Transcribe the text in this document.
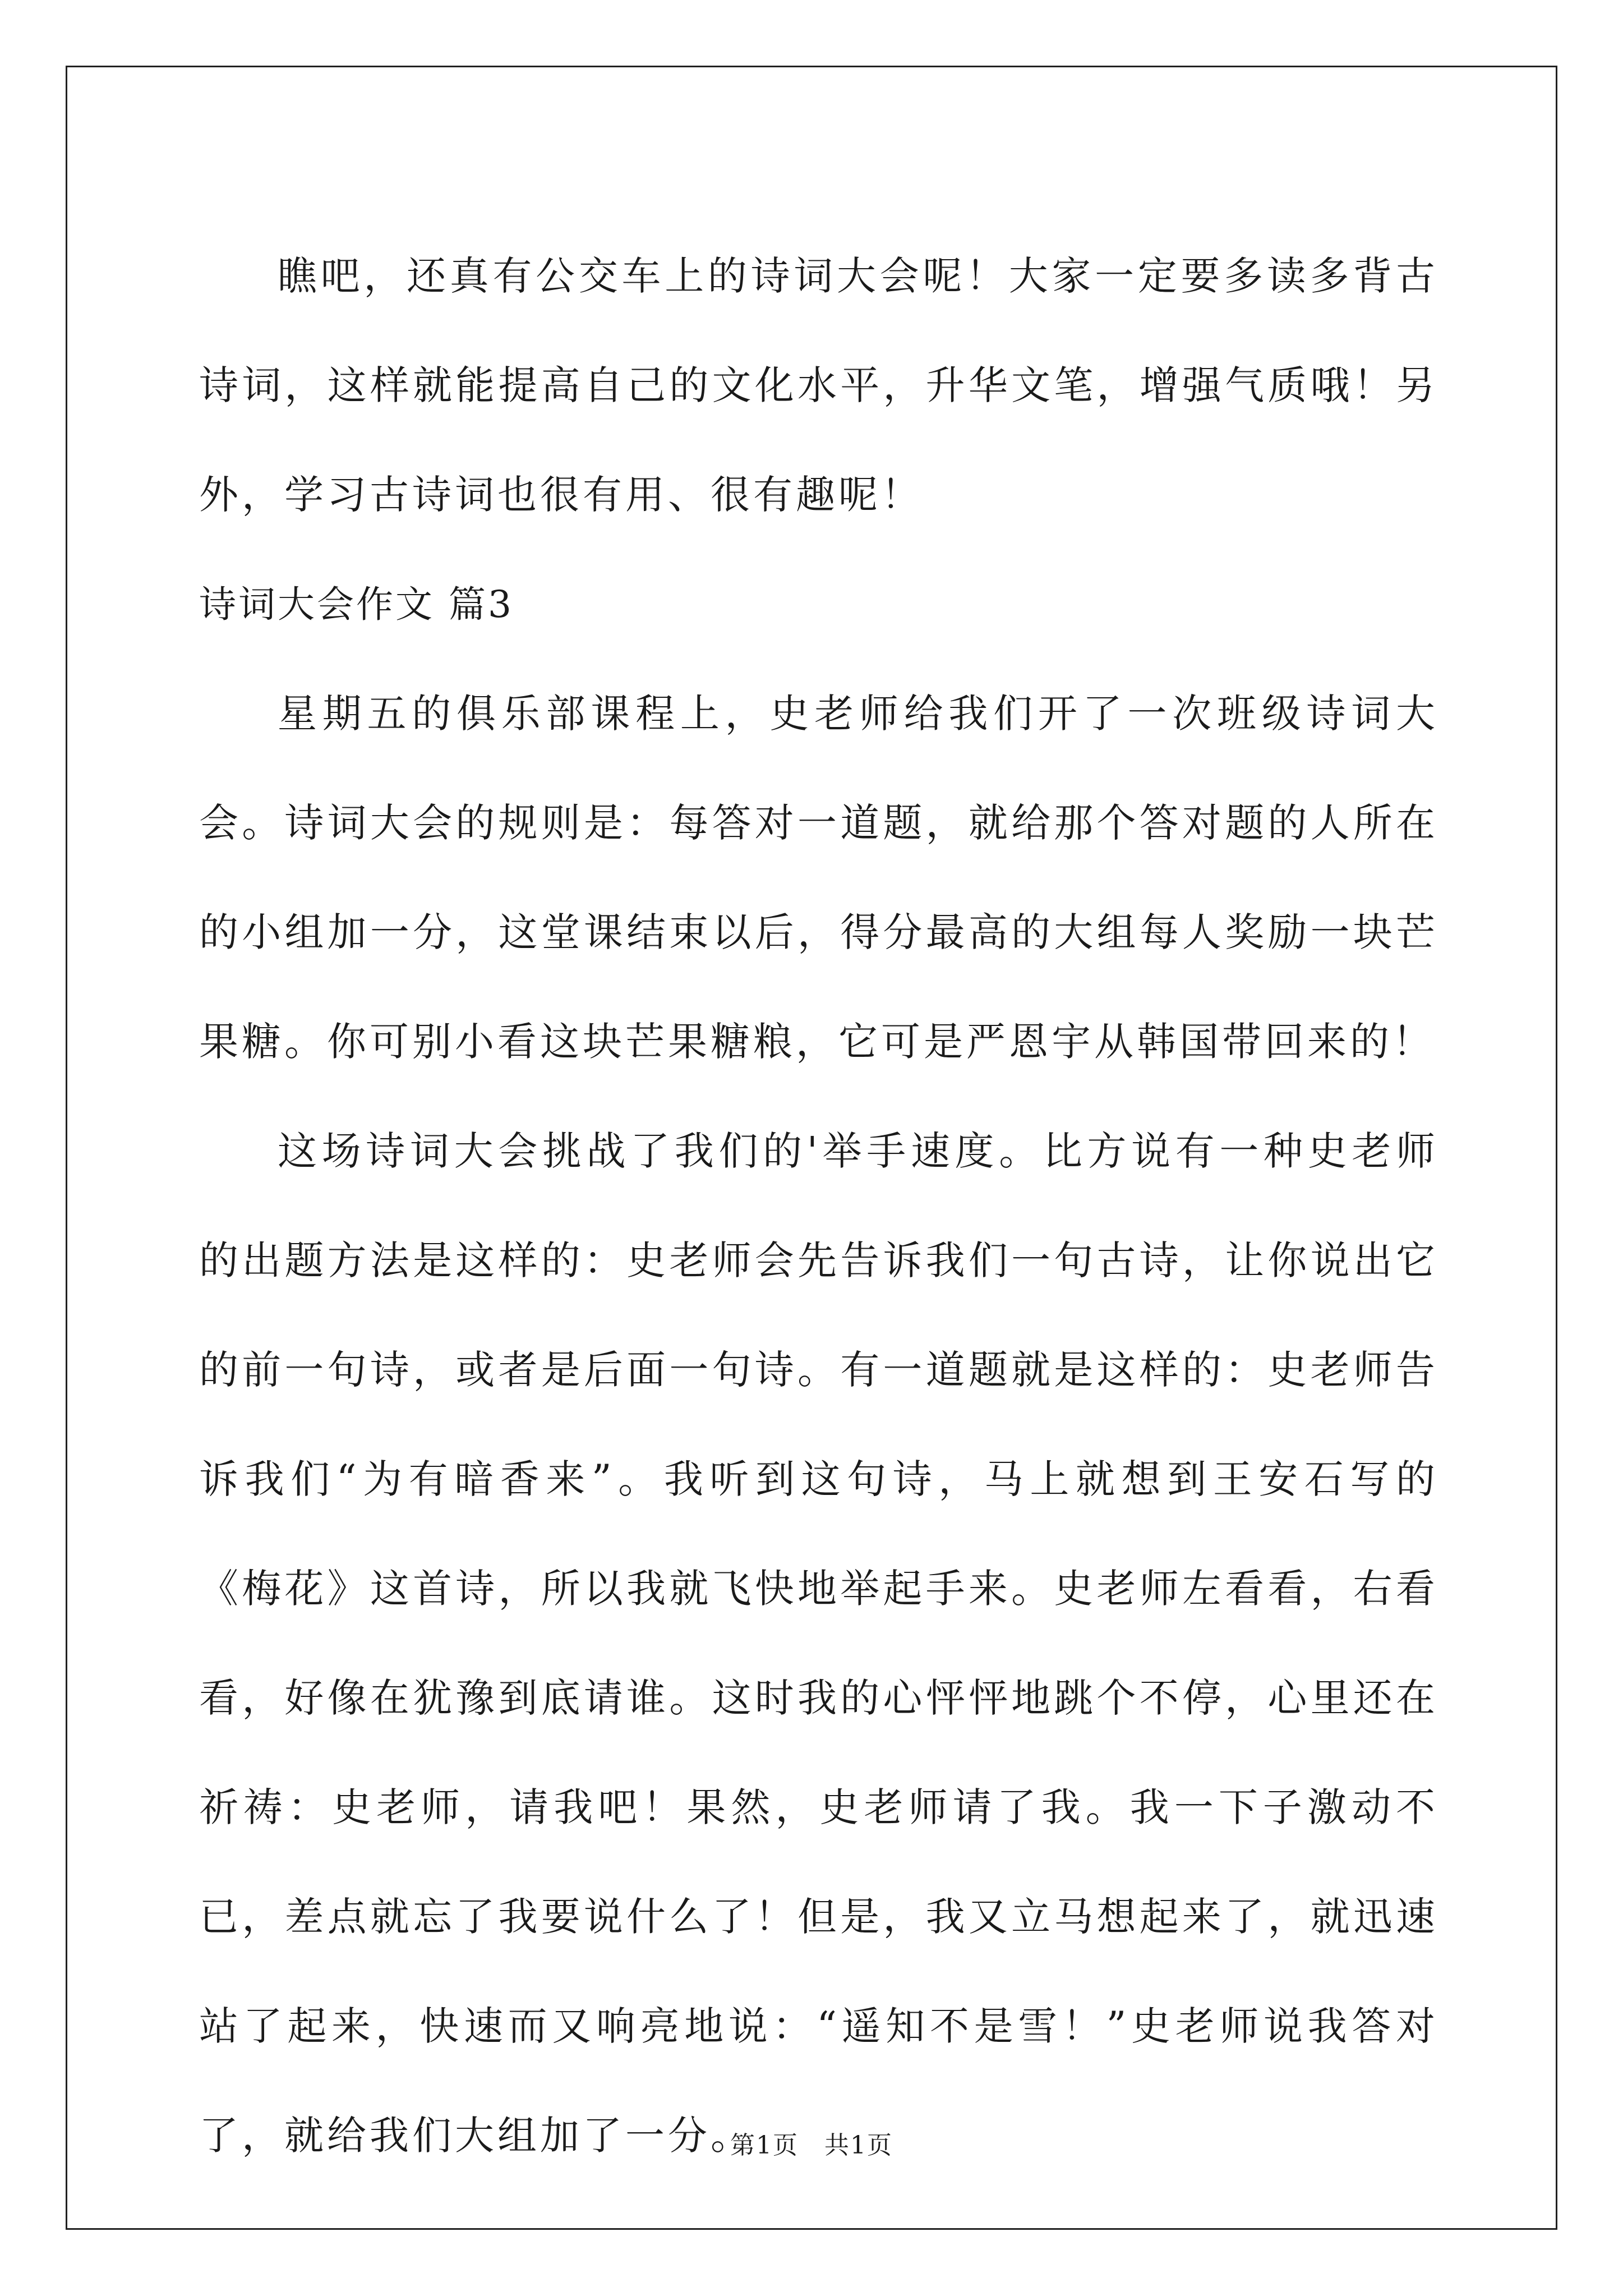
瞧吧，还真有公交车上的诗词大会呢！大家一定要多读多背古诗词，这样就能提高自己的文化水平，升华文笔，增强气质哦！另外，学习古诗词也很有用、很有趣呢！

诗词大会作文 篇3

星期五的俱乐部课程上，史老师给我们开了一次班级诗词大会。诗词大会的规则是：每答对一道题，就给那个答对题的人所在的小组加一分，这堂课结束以后，得分最高的大组每人奖励一块芒果糖。你可别小看这块芒果糖粮，它可是严恩宇从韩国带回来的！

这场诗词大会挑战了我们的'举手速度。比方说有一种史老师的出题方法是这样的：史老师会先告诉我们一句古诗，让你说出它的前一句诗，或者是后面一句诗。有一道题就是这样的：史老师告诉我们“为有暗香来”。我听到这句诗，马上就想到王安石写的《梅花》这首诗，所以我就飞快地举起手来。史老师左看看，右看看，好像在犹豫到底请谁。这时我的心怦怦地跳个不停，心里还在祈祷：史老师，请我吧！果然，史老师请了我。我一下子激动不已，差点就忘了我要说什么了！但是，我又立马想起来了，就迅速站了起来，快速而又响亮地说：“遥知不是雪！”史老师说我答对了，就给我们大组加了一分。

第1页　共1页
